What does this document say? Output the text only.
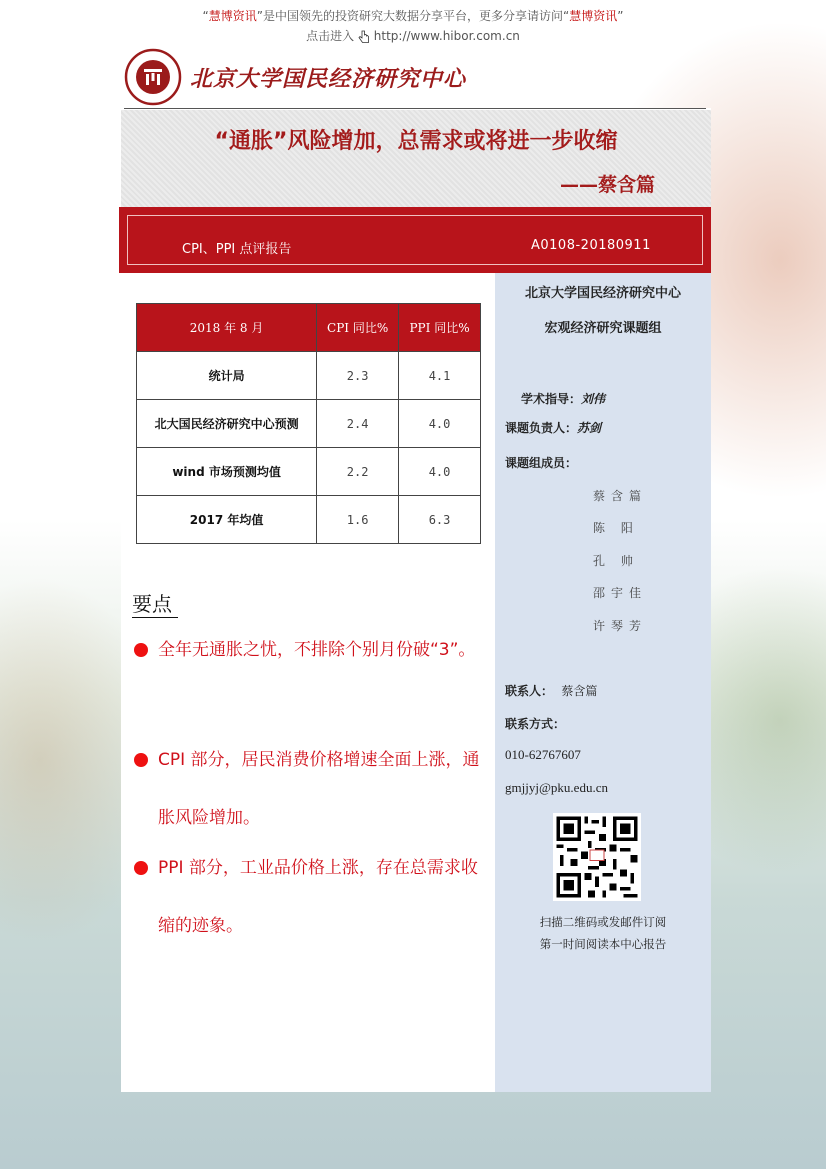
“慧博资讯”是中国领先的投资研究大数据分享平台，更多分享请访问“慧博资讯”
点击进入 http://www.hibor.com.cn
北京大学国民经济研究中心
“通胀”风险增加，总需求或将进一步收缩
——蔡含篇
CPI、PPI 点评报告	A0108-20180911
2018 年 8 月	CPI 同比%	PPI 同比%
统计局	2.3	4.1
北大国民经济研究中心预测	2.4	4.0
wind 市场预测均值	2.2	4.0
2017 年均值	1.6	6.3
要点
全年无通胀之忧，不排除个别月份破“3”。
CPI 部分，居民消费价格增速全面上涨，通胀风险增加。
PPI 部分，工业品价格上涨，存在总需求收缩的迹象。
北京大学国民经济研究中心
宏观经济研究课题组
学术指导：刘伟
课题负责人：苏剑
课题组成员：
蔡含篇
陈 阳
孔 帅
邵宇佳
许琴芳
联系人： 蔡含篇
联系方式：
010-62767607
gmjjyj@pku.edu.cn
扫描二维码或发邮件订阅
第一时间阅读本中心报告
